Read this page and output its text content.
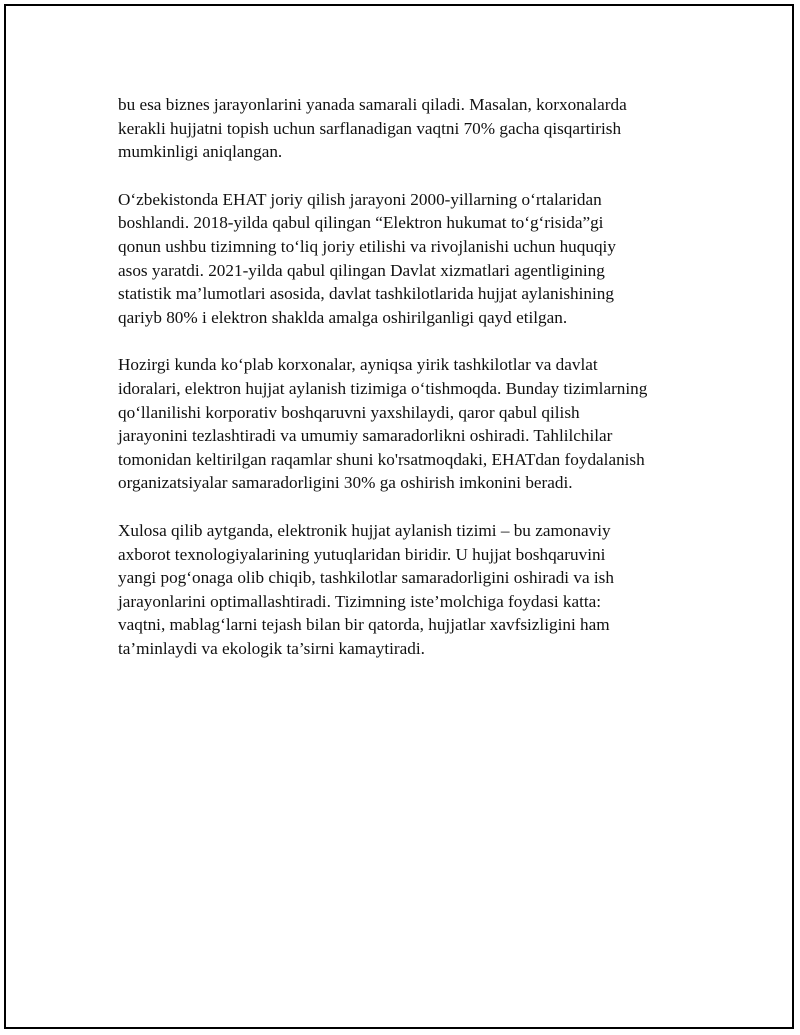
bu esa biznes jarayonlarini yanada samarali qiladi. Masalan, korxonalarda
kerakli hujjatni topish uchun sarflanadigan vaqtni 70% gacha qisqartirish
mumkinligi aniqlangan.

O‘zbekistonda EHAT joriy qilish jarayoni 2000-yillarning o‘rtalaridan
boshlandi. 2018-yilda qabul qilingan “Elektron hukumat to‘g‘risida”gi
qonun ushbu tizimning to‘liq joriy etilishi va rivojlanishi uchun huquqiy
asos yaratdi. 2021-yilda qabul qilingan Davlat xizmatlari agentligining
statistik ma’lumotlari asosida, davlat tashkilotlarida hujjat aylanishining
qariyb 80% i elektron shaklda amalga oshirilganligi qayd etilgan.

Hozirgi kunda ko‘plab korxonalar, ayniqsa yirik tashkilotlar va davlat
idoralari, elektron hujjat aylanish tizimiga o‘tishmoqda. Bunday tizimlarning
qo‘llanilishi korporativ boshqaruvni yaxshilaydi, qaror qabul qilish
jarayonini tezlashtiradi va umumiy samaradorlikni oshiradi. Tahlilchilar
tomonidan keltirilgan raqamlar shuni ko'rsatmoqdaki, EHATdan foydalanish
organizatsiyalar samaradorligini 30% ga oshirish imkonini beradi.

Xulosa qilib aytganda, elektronik hujjat aylanish tizimi – bu zamonaviy
axborot texnologiyalarining yutuqlaridan biridir. U hujjat boshqaruvini
yangi pog‘onaga olib chiqib, tashkilotlar samaradorligini oshiradi va ish
jarayonlarini optimallashtiradi. Tizimning iste’molchiga foydasi katta:
vaqtni, mablag‘larni tejash bilan bir qatorda, hujjatlar xavfsizligini ham
ta’minlaydi va ekologik ta’sirni kamaytiradi.
